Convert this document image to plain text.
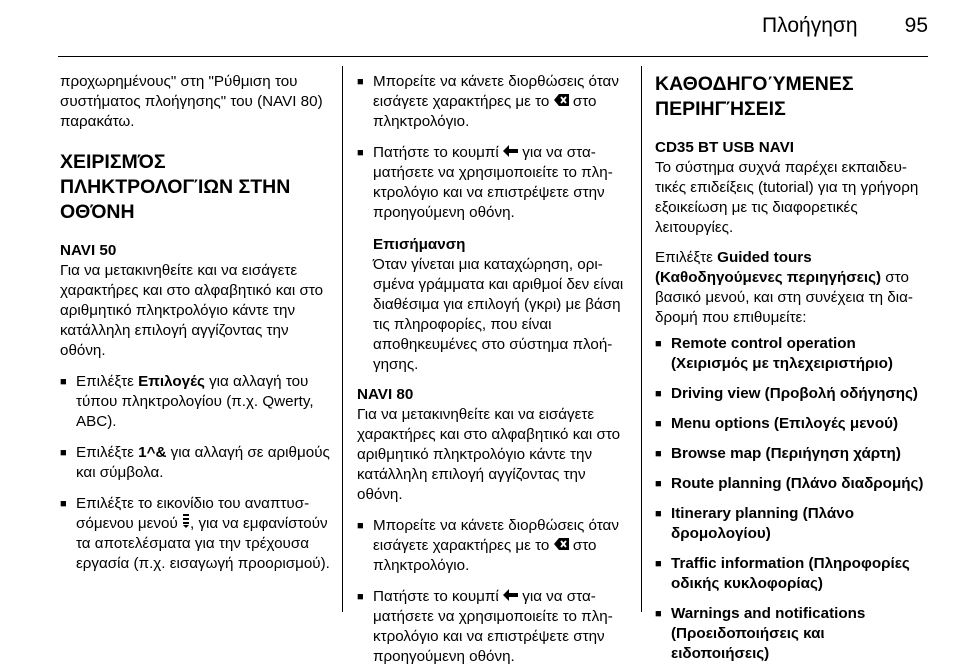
Πλοήγηση 95

προχωρημένους" στη "Ρύθμιση του συστήματος πλοήγησης" του (NAVI 80) παρακάτω.

ΧΕΙΡΙΣΜΌΣ ΠΛΗΚΤΡΟΛΟΓΊΩΝ ΣΤΗΝ ΟΘΌΝΗ

NAVI 50

Για να μετακινηθείτε και να εισάγετε χαρακτήρες και στο αλφαβητικό και στο αριθμητικό πληκτρολόγιο κάντε την κατάλληλη επιλογή αγγίζοντας την οθόνη.

■ Επιλέξτε Επιλογές για αλλαγή του τύπου πληκτρολογίου (π.χ. Qwerty, ABC).
■ Επιλέξτε 1^& για αλλαγή σε αριθμούς και σύμβολα.
■ Επιλέξτε το εικονίδιο του αναπτυσσόμενου μενού , για να εμφανίστούν τα αποτελέσματα για την τρέχουσα εργασία (π.χ. εισαγωγή προορισμού).
■ Μπορείτε να κάνετε διορθώσεις όταν εισάγετε χαρακτήρες με το  στο πληκτρολόγιο.
■ Πατήστε το κουμπί  για να σταματήσετε να χρησιμοποιείτε το πληκτρολόγιο και να επιστρέψετε στην προηγούμενη οθόνη.
Επισήμανση
Όταν γίνεται μια καταχώρηση, ορισμένα γράμματα και αριθμοί δεν είναι διαθέσιμα για επιλογή (γκρι) με βάση τις πληροφορίες, που είναι αποθηκευμένες στο σύστημα πλοήγησης.

NAVI 80

Για να μετακινηθείτε και να εισάγετε χαρακτήρες και στο αλφαβητικό και στο αριθμητικό πληκτρολόγιο κάντε την κατάλληλη επιλογή αγγίζοντας την οθόνη.

■ Μπορείτε να κάνετε διορθώσεις όταν εισάγετε χαρακτήρες με το  στο πληκτρολόγιο.
■ Πατήστε το κουμπί  για να σταματήσετε να χρησιμοποιείτε το πληκτρολόγιο και να επιστρέψετε στην προηγούμενη οθόνη.
ΚΑΘΟΔΗΓΟΎΜΕΝΕΣ ΠΕΡΙΗΓΉΣΕΙΣ

CD35 BT USB NAVI

Το σύστημα συχνά παρέχει εκπαιδευτικές επιδείξεις (tutorial) για τη γρήγορη εξοικείωση με τις διαφορετικές λειτουργίες.

Επιλέξτε Guided tours (Καθοδηγούμενες περιηγήσεις) στο βασικό μενού, και στη συνέχεια τη διαδρομή που επιθυμείτε:

■ Remote control operation (Χειρισμός με τηλεχειριστήριο)
■ Driving view (Προβολή οδήγησης)
■ Menu options (Επιλογές μενού)
■ Browse map (Περιήγηση χάρτη)
■ Route planning (Πλάνο διαδρομής)
■ Itinerary planning (Πλάνο δρομολογίου)
■ Traffic information (Πληροφορίες οδικής κυκλοφορίας)
■ Warnings and notifications (Προειδοποιήσεις και ειδοποιήσεις)
